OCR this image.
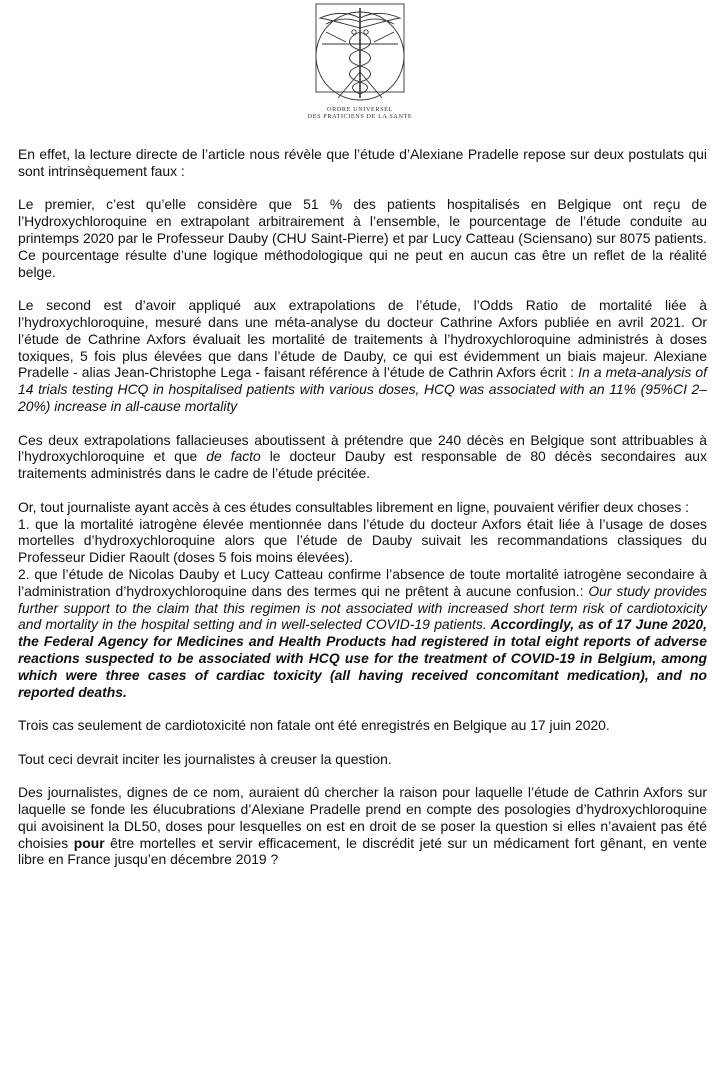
ORDRE UNIVERSEL
DES PRATICIENS DE LA SANTE

En effet, la lecture directe de l’article nous révèle que l’étude d’Alexiane Pradelle repose sur deux postulats qui sont intrinsèquement faux :

Le premier, c’est qu’elle considère que 51 % des patients hospitalisés en Belgique ont reçu de l’Hydroxychloroquine en extrapolant arbitrairement à l’ensemble, le pourcentage de l’étude conduite au printemps 2020 par le Professeur Dauby (CHU Saint-Pierre) et par Lucy Catteau (Sciensano) sur 8075 patients. Ce pourcentage résulte d’une logique méthodologique qui ne peut en aucun cas être un reflet de la réalité belge.

Le second est d’avoir appliqué aux extrapolations de l’étude, l’Odds Ratio de mortalité liée à l’hydroxychloroquine, mesuré dans une méta-analyse du docteur Cathrine Axfors publiée en avril 2021. Or l’étude de Cathrine Axfors évaluait les mortalité de traitements à l’hydroxychloroquine administrés à doses toxiques, 5 fois plus élevées que dans l’étude de Dauby, ce qui est évidemment un biais majeur. Alexiane Pradelle - alias Jean-Christophe Lega - faisant référence à l’étude de Cathrin Axfors écrit : In a meta-analysis of 14 trials testing HCQ in hospitalised patients with various doses, HCQ was associated with an 11% (95%CI 2–20%) increase in all-cause mortality

Ces deux extrapolations fallacieuses aboutissent à prétendre que 240 décès en Belgique sont attribuables à l’hydroxychloroquine et que de facto le docteur Dauby est responsable de 80 décès secondaires aux traitements administrés dans le cadre de l’étude précitée.

Or, tout journaliste ayant accès à ces études consultables librement en ligne, pouvaient vérifier deux choses :

1. que la mortalité iatrogène élevée mentionnée dans l’étude du docteur Axfors était liée à l’usage de doses mortelles d’hydroxychloroquine alors que l’étude de Dauby suivait les recommandations classiques du Professeur Didier Raoult (doses 5 fois moins élevées).

2. que l’étude de Nicolas Dauby et Lucy Catteau confirme l’absence de toute mortalité iatrogène secondaire à l’administration d’hydroxychloroquine dans des termes qui ne prêtent à aucune confusion.: Our study provides further support to the claim that this regimen is not associated with increased short term risk of cardiotoxicity and mortality in the hospital setting and in well-selected COVID-19 patients. Accordingly, as of 17 June 2020, the Federal Agency for Medicines and Health Products had registered in total eight reports of adverse reactions suspected to be associated with HCQ use for the treatment of COVID-19 in Belgium, among which were three cases of cardiac toxicity (all having received concomitant medication), and no reported deaths.

Trois cas seulement de cardiotoxicité non fatale ont été enregistrés en Belgique au 17 juin 2020.

Tout ceci devrait inciter les journalistes à creuser la question.

Des journalistes, dignes de ce nom, auraient dû chercher la raison pour laquelle l’étude de Cathrin Axfors sur laquelle se fonde les élucubrations d’Alexiane Pradelle prend en compte des posologies d’hydroxychloroquine qui avoisinent la DL50, doses pour lesquelles on est en droit de se poser la question si elles n’avaient pas été choisies pour être mortelles et servir efficacement, le discrédit jeté sur un médicament fort gênant, en vente libre en France jusqu’en décembre 2019 ?
